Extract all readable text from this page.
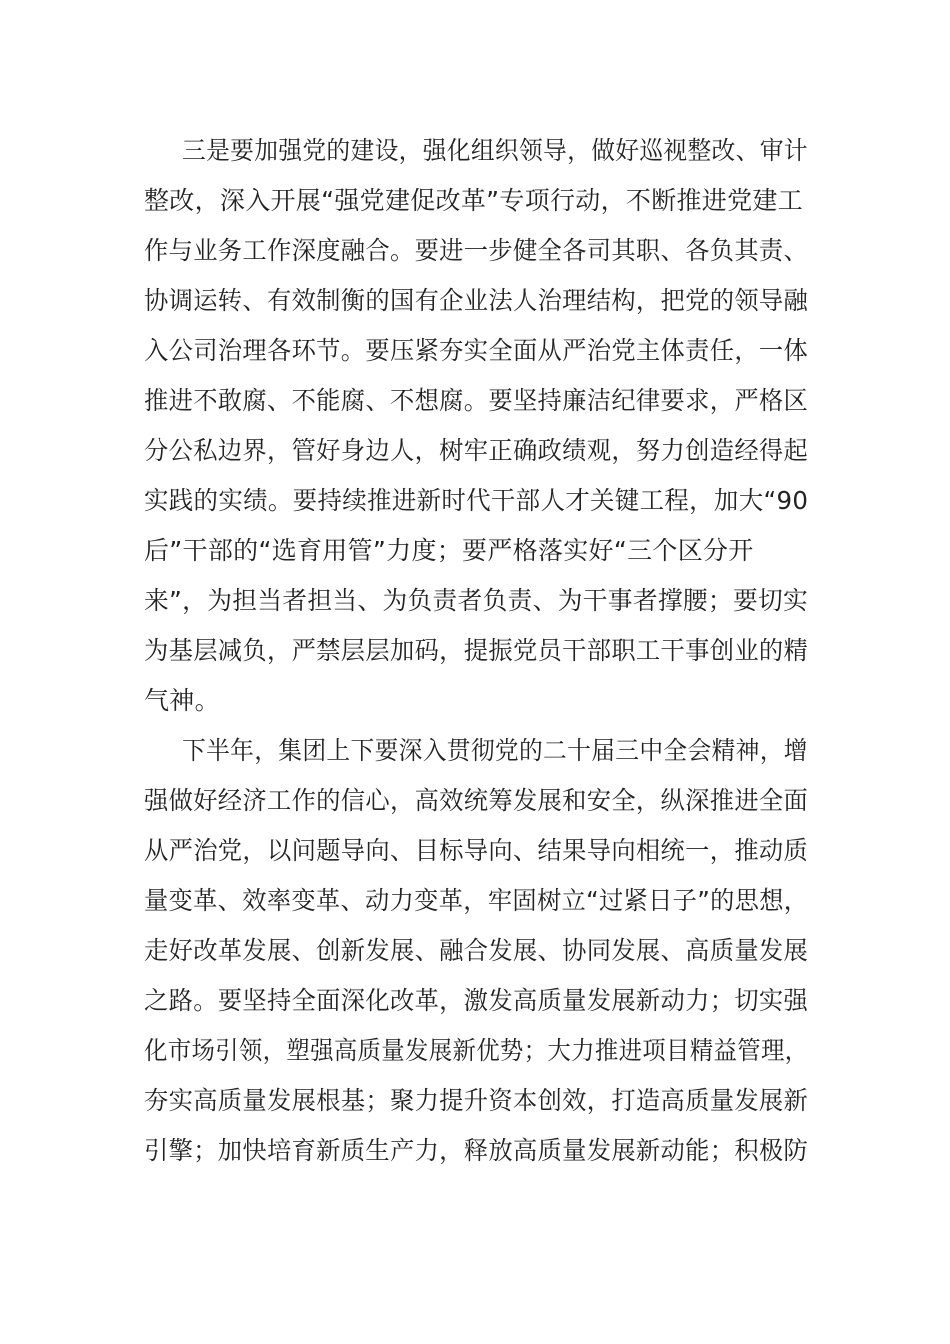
三是要加强党的建设，强化组织领导，做好巡视整改、审计
整改，深入开展“强党建促改革”专项行动，不断推进党建工
作与业务工作深度融合。要进一步健全各司其职、各负其责、
协调运转、有效制衡的国有企业法人治理结构，把党的领导融
入公司治理各环节。要压紧夯实全面从严治党主体责任，一体
推进不敢腐、不能腐、不想腐。要坚持廉洁纪律要求，严格区
分公私边界，管好身边人，树牢正确政绩观，努力创造经得起
实践的实绩。要持续推进新时代干部人才关键工程，加大“90
后”干部的“选育用管”力度；要严格落实好“三个区分开
来”，为担当者担当、为负责者负责、为干事者撑腰；要切实
为基层减负，严禁层层加码，提振党员干部职工干事创业的精
气神。
下半年，集团上下要深入贯彻党的二十届三中全会精神，增
强做好经济工作的信心，高效统筹发展和安全，纵深推进全面
从严治党，以问题导向、目标导向、结果导向相统一，推动质
量变革、效率变革、动力变革，牢固树立“过紧日子”的思想，
走好改革发展、创新发展、融合发展、协同发展、高质量发展
之路。要坚持全面深化改革，激发高质量发展新动力；切实强
化市场引领，塑强高质量发展新优势；大力推进项目精益管理，
夯实高质量发展根基；聚力提升资本创效，打造高质量发展新
引擎；加快培育新质生产力，释放高质量发展新动能；积极防
